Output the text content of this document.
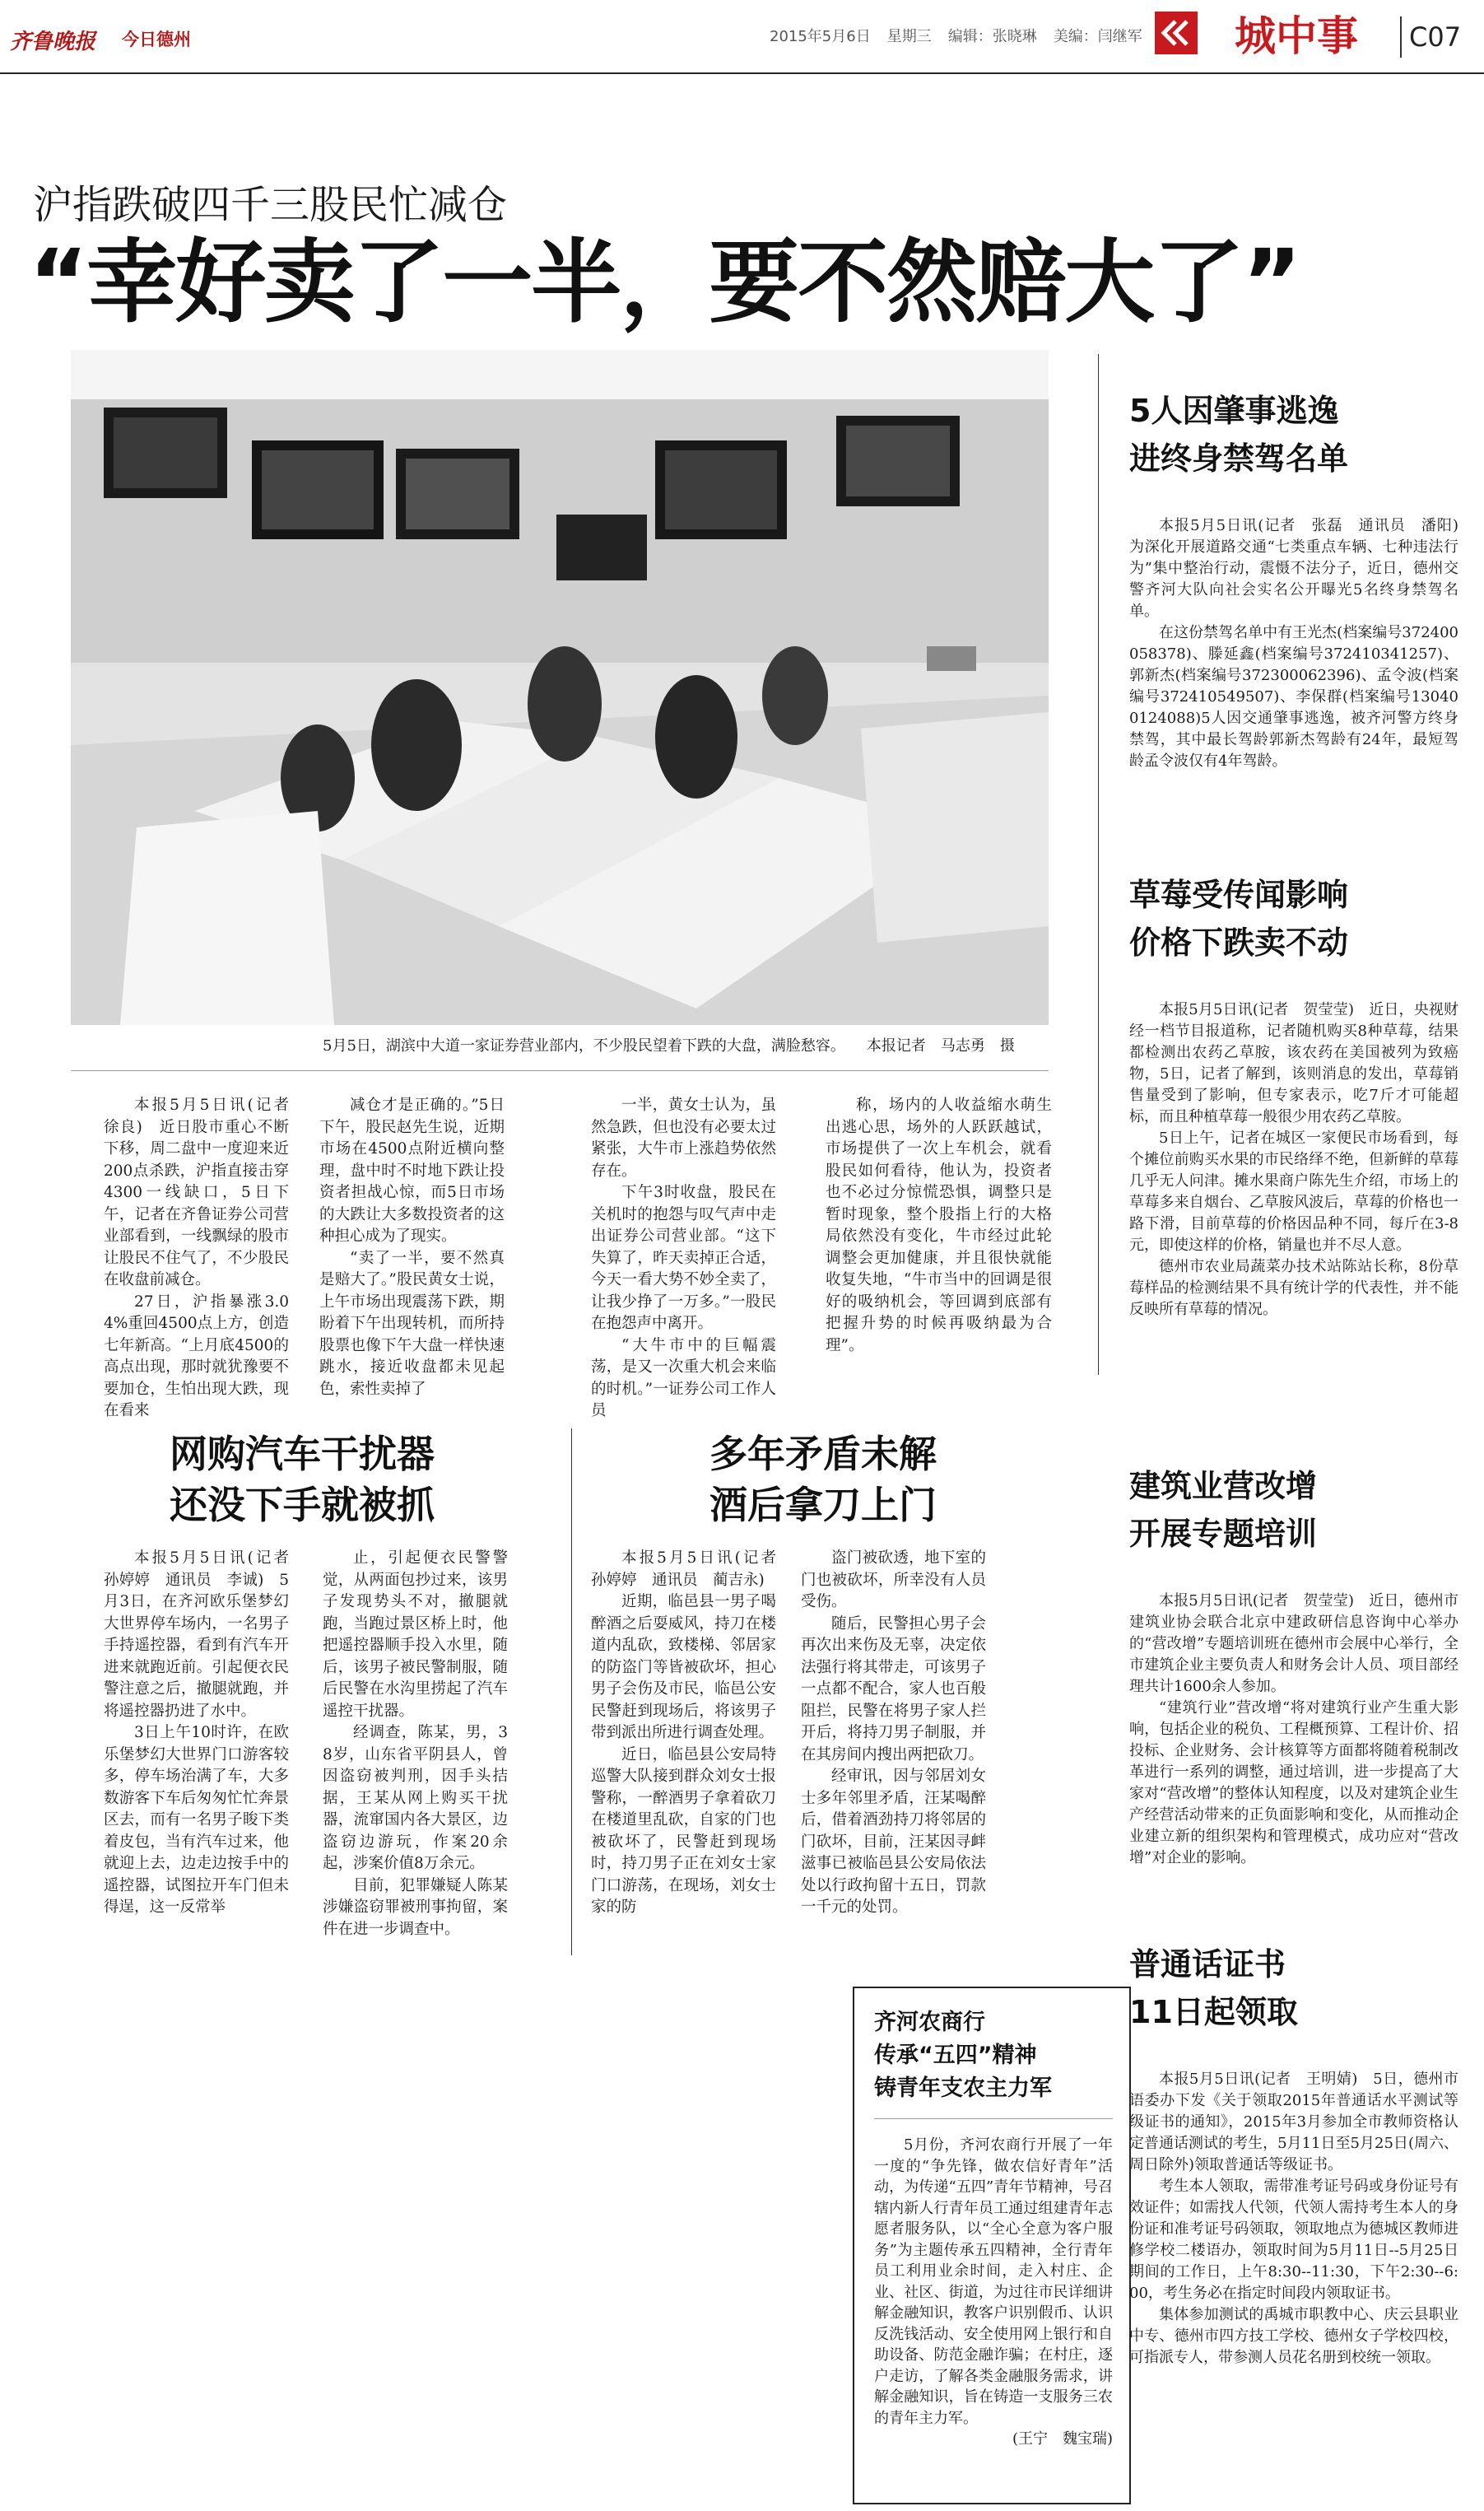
齐鲁晚报 今日德州	2015年5月6日 星期三 编辑：张晓琳 美编：闫继军 城中事 C07
沪指跌破四千三股民忙减仓
“幸好卖了一半，要不然赔大了”
5月5日，湖滨中大道一家证券营业部内，不少股民望着下跌的大盘，满脸愁容。 本报记者　马志勇　摄

本报5月5日讯(记者　徐良)　近日股市重心不断下移，周二盘中一度迎来近200点杀跌，沪指直接击穿4300一线缺口，5日下午，记者在齐鲁证券公司营业部看到，一线飘绿的股市让股民不住气了，不少股民在收盘前减仓。

27日，沪指暴涨3.04%重回4500点上方，创造七年新高。“上月底4500的高点出现，那时就犹豫要不要加仓，生怕出现大跌，现在看来

减仓才是正确的。”5日下午，股民赵先生说，近期市场在4500点附近横向整理，盘中时不时地下跌让投资者担战心惊，而5日市场的大跌让大多数投资者的这种担心成为了现实。

“卖了一半，要不然真是赔大了。”股民黄女士说，上午市场出现震荡下跌，期盼着下午出现转机，而所持股票也像下午大盘一样快速跳水，接近收盘都未见起色，索性卖掉了

一半，黄女士认为，虽然急跌，但也没有必要太过紧张，大牛市上涨趋势依然存在。

下午3时收盘，股民在关机时的抱怨与叹气声中走出证券公司营业部。“这下失算了，昨天卖掉正合适，今天一看大势不妙全卖了，让我少挣了一万多。”一股民在抱怨声中离开。

“大牛市中的巨幅震荡，是又一次重大机会来临的时机。”一证券公司工作人员

称，场内的人收益缩水萌生出逃心思，场外的人跃跃越试，市场提供了一次上车机会，就看股民如何看待，他认为，投资者也不必过分惊慌恐惧，调整只是暂时现象，整个股指上行的大格局依然没有变化，牛市经过此轮调整会更加健康，并且很快就能收复失地，“牛市当中的回调是很好的吸纳机会，等回调到底部有把握升势的时候再吸纳最为合理”。

网购汽车干扰器
还没下手就被抓

本报5月5日讯(记者　孙婷婷　通讯员　李诚)　5月3日，在齐河欧乐堡梦幻大世界停车场内，一名男子手持遥控器，看到有汽车开进来就跑近前。引起便衣民警注意之后，撤腿就跑，并将遥控器扔进了水中。

3日上午10时许，在欧乐堡梦幻大世界门口游客较多，停车场治满了车，大多数游客下车后匆匆忙忙奔景区去，而有一名男子睃下类着皮包，当有汽车过来，他就迎上去，边走边按手中的遥控器，试图拉开车门但未得逞，这一反常举

止，引起便衣民警警觉，从两面包抄过来，该男子发现势头不对，撤腿就跑，当跑过景区桥上时，他把遥控器顺手投入水里，随后，该男子被民警制服，随后民警在水沟里捞起了汽车遥控干扰器。

经调查，陈某，男，38岁，山东省平阴县人，曾因盗窃被判刑，因手头拮据，王某从网上购买干扰器，流窜国内各大景区，边盗窃边游玩，作案20余起，涉案价值8万余元。

目前，犯罪嫌疑人陈某涉嫌盗窃罪被刑事拘留，案件在进一步调查中。

多年矛盾未解
酒后拿刀上门

本报5月5日讯(记者　孙婷婷　通讯员　蔺吉永)

近期，临邑县一男子喝醉酒之后耍威风，持刀在楼道内乱砍，致楼梯、邻居家的防盗门等皆被砍坏，担心男子会伤及市民，临邑公安民警赶到现场后，将该男子带到派出所进行调查处理。

近日，临邑县公安局特巡警大队接到群众刘女士报警称，一醉酒男子拿着砍刀在楼道里乱砍，自家的门也被砍坏了，民警赶到现场时，持刀男子正在刘女士家门口游荡，在现场，刘女士家的防

盗门被砍透，地下室的门也被砍坏，所幸没有人员受伤。

随后，民警担心男子会再次出来伤及无辜，决定依法强行将其带走，可该男子一点都不配合，家人也百般阻拦，民警在将男子家人拦开后，将持刀男子制服，并在其房间内搜出两把砍刀。

经审讯，因与邻居刘女士多年邻里矛盾，汪某喝醉后，借着酒劲持刀将邻居的门砍坏，目前，汪某因寻衅滋事已被临邑县公安局依法处以行政拘留十五日，罚款一千元的处罚。

齐河农商行
传承“五四”精神
铸青年支农主力军

5月份，齐河农商行开展了一年一度的“争先锋，做农信好青年”活动，为传递“五四”青年节精神，号召辖内新人行青年员工通过组建青年志愿者服务队，以“全心全意为客户服务”为主题传承五四精神，全行青年员工利用业余时间，走入村庄、企业、社区、街道，为过往市民详细讲解金融知识，教客户识别假币、认识反洗钱活动、安全使用网上银行和自助设备、防范金融诈骗；在村庄，逐户走访，了解各类金融服务需求，讲解金融知识，旨在铸造一支服务三农的青年主力军。

(王宁　魏宝瑞)
5人因肇事逃逸
进终身禁驾名单

本报5月5日讯(记者　张磊　通讯员　潘阳)　为深化开展道路交通“七类重点车辆、七种违法行为”集中整治行动，震慑不法分子，近日，德州交警齐河大队向社会实名公开曝光5名终身禁驾名单。

在这份禁驾名单中有王光杰(档案编号372400058378)、滕延鑫(档案编号372410341257)、郭新杰(档案编号372300062396)、孟令波(档案编号372410549507)、李保群(档案编号130400124088)5人因交通肇事逃逸，被齐河警方终身禁驾，其中最长驾龄郭新杰驾龄有24年，最短驾龄孟令波仅有4年驾龄。

草莓受传闻影响
价格下跌卖不动

本报5月5日讯(记者　贺莹莹)　近日，央视财经一档节目报道称，记者随机购买8种草莓，结果都检测出农药乙草胺，该农药在美国被列为致癌物，5日，记者了解到，该则消息的发出，草莓销售量受到了影响，但专家表示，吃7斤才可能超标，而且种植草莓一般很少用农药乙草胺。

5日上午，记者在城区一家便民市场看到，每个摊位前购买水果的市民络绎不绝，但新鲜的草莓几乎无人问津。摊水果商户陈先生介绍，市场上的草莓多来自烟台、乙草胺风波后，草莓的价格也一路下滑，目前草莓的价格因品种不同，每斤在3-8元，即使这样的价格，销量也并不尽人意。

德州市农业局蔬菜办技术站陈站长称，8份草莓样品的检测结果不具有统计学的代表性，并不能反映所有草莓的情况。

建筑业营改增
开展专题培训

本报5月5日讯(记者　贺莹莹)　近日，德州市建筑业协会联合北京中建政研信息咨询中心举办的“营改增”专题培训班在德州市会展中心举行，全市建筑企业主要负责人和财务会计人员、项目部经理共计1600余人参加。

“建筑行业”营改增“将对建筑行业产生重大影响，包括企业的税负、工程概预算、工程计价、招投标、企业财务、会计核算等方面都将随着税制改革进行一系列的调整，通过培训，进一步提高了大家对“营改增”的整体认知程度，以及对建筑企业生产经营活动带来的正负面影响和变化，从而推动企业建立新的组织架构和管理模式，成功应对“营改增”对企业的影响。

普通话证书
11日起领取

本报5月5日讯(记者　王明婧)　5日，德州市语委办下发《关于领取2015年普通话水平测试等级证书的通知》，2015年3月参加全市教师资格认定普通话测试的考生，5月11日至5月25日(周六、周日除外)领取普通话等级证书。

考生本人领取，需带准考证号码或身份证号有效证件；如需找人代领，代领人需持考生本人的身份证和准考证号码领取，领取地点为德城区教师进修学校二楼语办，领取时间为5月11日--5月25日期间的工作日，上午8:30--11:30，下午2:30--6:00，考生务必在指定时间段内领取证书。

集体参加测试的禹城市职教中心、庆云县职业中专、德州市四方技工学校、德州女子学校四校，可指派专人，带参测人员花名册到校统一领取。
